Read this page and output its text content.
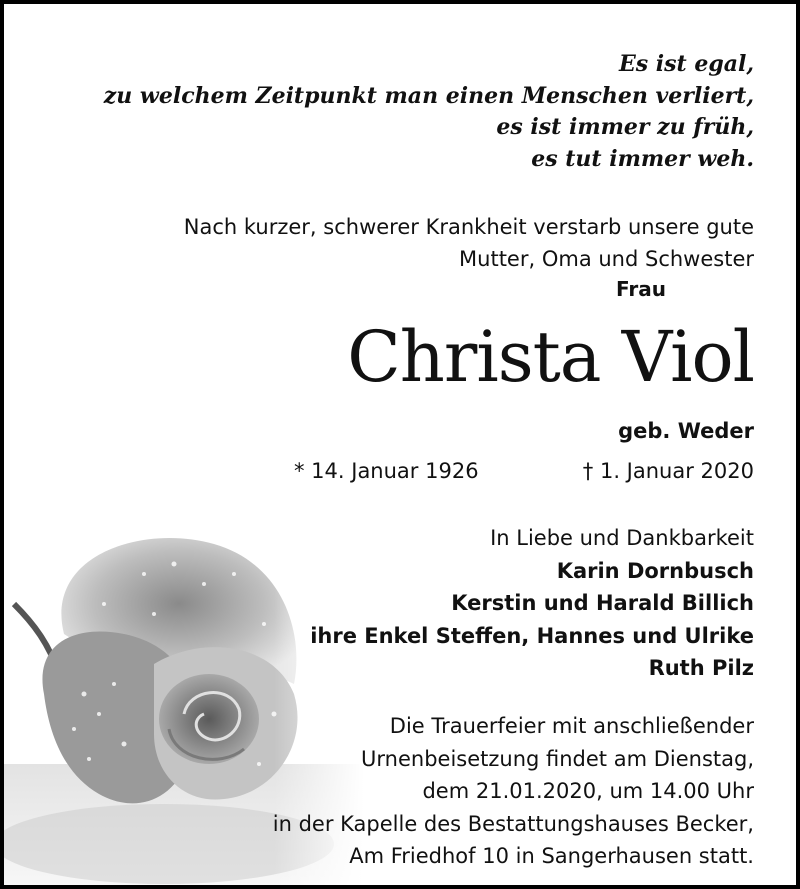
Es ist egal,
zu welchem Zeitpunkt man einen Menschen verliert,
es ist immer zu früh,
es tut immer weh.
Nach kurzer, schwerer Krankheit verstarb unsere gute
Mutter, Oma und Schwester
Frau
Christa Viol
geb. Weder
* 14. Januar 1926	† 1. Januar 2020
In Liebe und Dankbarkeit
Karin Dornbusch
Kerstin und Harald Billich
ihre Enkel Steffen, Hannes und Ulrike
Ruth Pilz
Die Trauerfeier mit anschließender
Urnenbeisetzung findet am Dienstag,
dem 21.01.2020, um 14.00 Uhr
in der Kapelle des Bestattungshauses Becker,
Am Friedhof 10 in Sangerhausen statt.
